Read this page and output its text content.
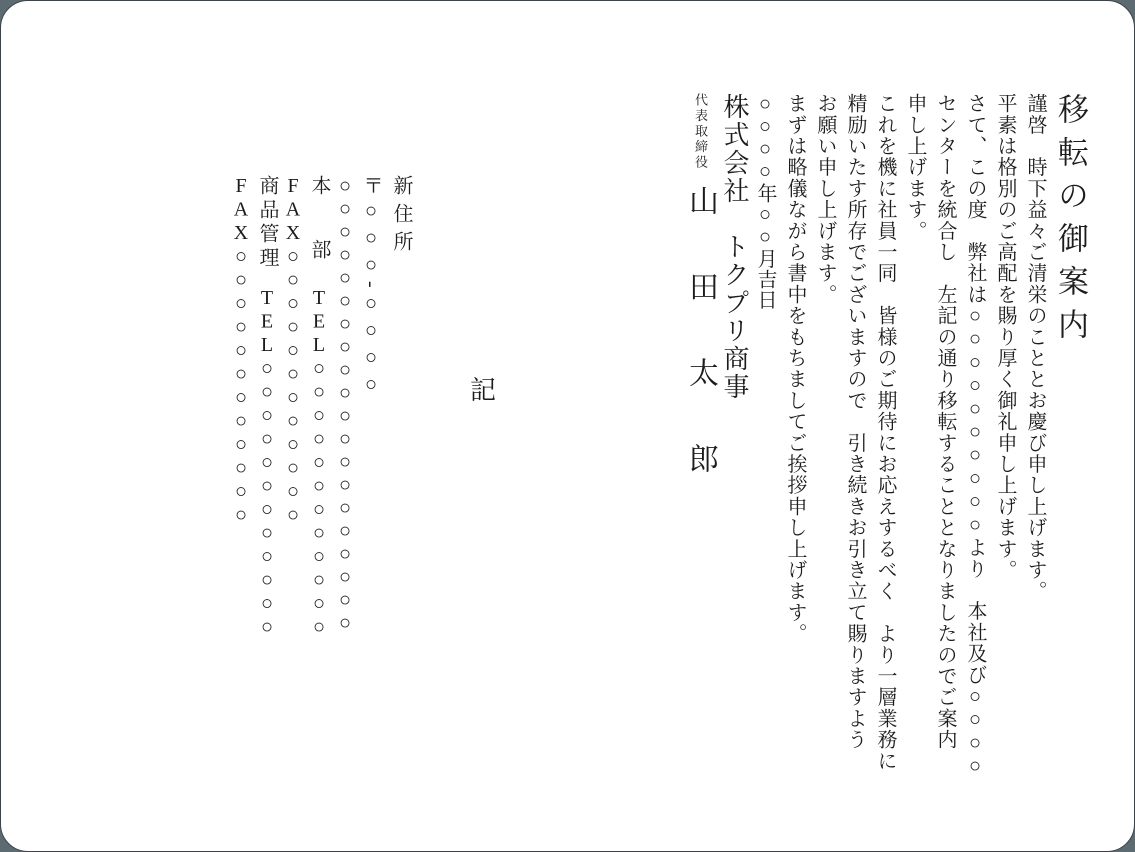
移転の御案内

謹啓　時下益々ご清栄のこととお慶び申し上げます。

平素は格別のご高配を賜り厚く御礼申し上げます。

さて、この度　弊社は○○○○○○○○○○より　本社及び○○○○

センターを統合し　左記の通り移転することとなりましたのでご案内

申し上げます。

これを機に社員一同　皆様のご期待にお応えするべく　より一層業務に

精励いたす所存でございますので　引き続きお引き立て賜りますよう

お願い申し上げます。

まずは略儀ながら書中をもちましてご挨拶申し上げます。

○○○○年○○月吉日

株式会社　トクプリ商事

代表取締役山　田　太　郎

記

新住所

〒○○○-○○○○

○○○○○○○○○○○○○○○○○○○○

本　部TEL○○○○○○○○○○○○

FAX○○○○○○○○○○○○

商品管理TEL○○○○○○○○○○○○

FAX○○○○○○○○○○○○
